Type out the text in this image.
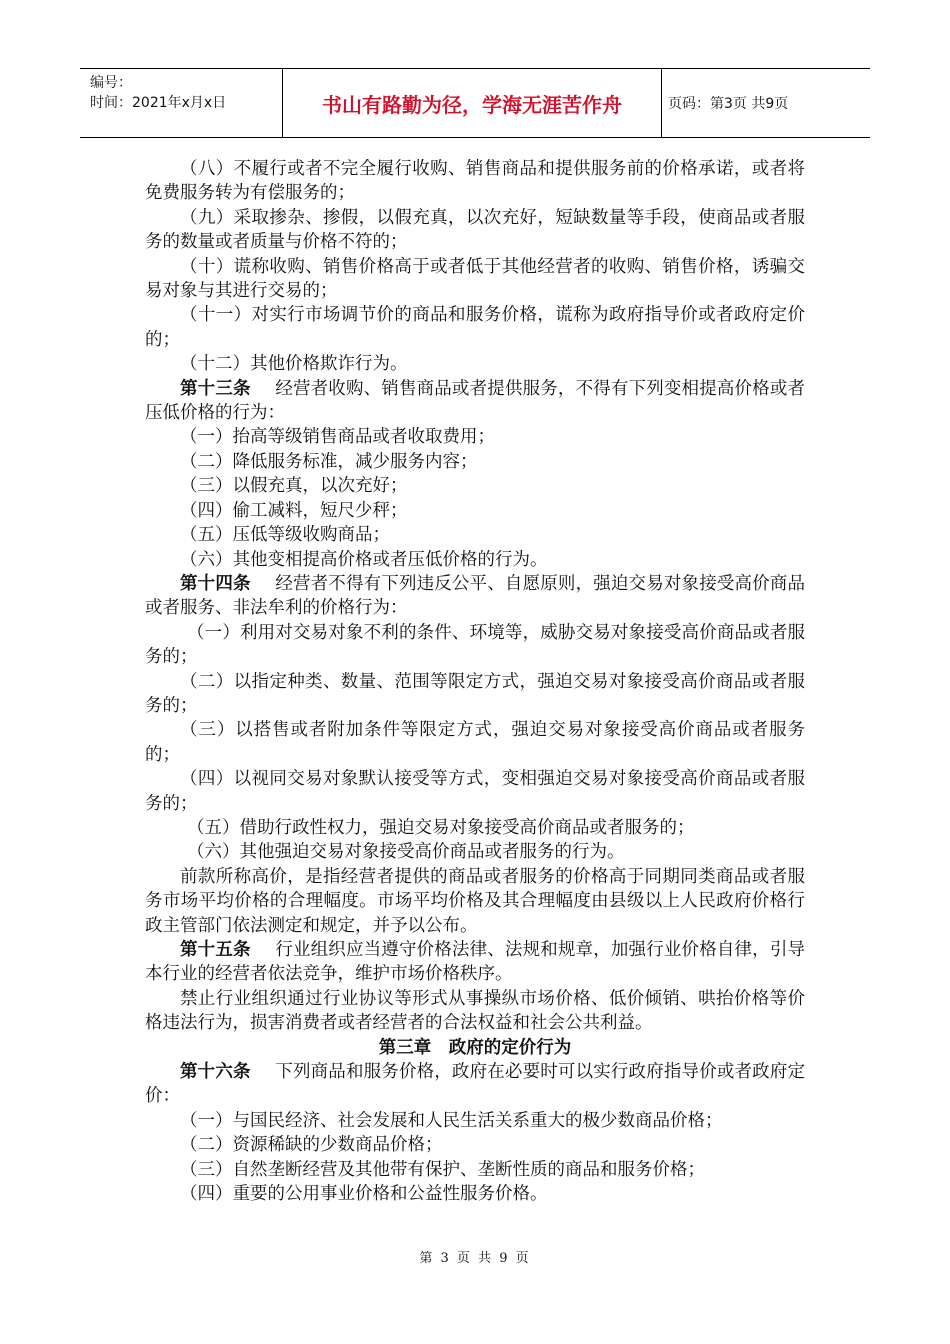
编号：
时间：2021年x月x日	书山有路勤为径，学海无涯苦作舟	页码：第3页 共9页

（八）不履行或者不完全履行收购、销售商品和提供服务前的价格承诺，或者将免费服务转为有偿服务的；

（九）采取掺杂、掺假，以假充真，以次充好，短缺数量等手段，使商品或者服务的数量或者质量与价格不符的；

（十）谎称收购、销售价格高于或者低于其他经营者的收购、销售价格，诱骗交易对象与其进行交易的；

（十一）对实行市场调节价的商品和服务价格，谎称为政府指导价或者政府定价的；

（十二）其他价格欺诈行为。

第十三条 经营者收购、销售商品或者提供服务，不得有下列变相提高价格或者压低价格的行为：

（一）抬高等级销售商品或者收取费用；

（二）降低服务标准，减少服务内容；

（三）以假充真，以次充好；

（四）偷工减料，短尺少秤；

（五）压低等级收购商品；

（六）其他变相提高价格或者压低价格的行为。

第十四条 经营者不得有下列违反公平、自愿原则，强迫交易对象接受高价商品或者服务、非法牟利的价格行为：

（一）利用对交易对象不利的条件、环境等，威胁交易对象接受高价商品或者服务的；

（二）以指定种类、数量、范围等限定方式，强迫交易对象接受高价商品或者服务的；

（三）以搭售或者附加条件等限定方式，强迫交易对象接受高价商品或者服务的；

（四）以视同交易对象默认接受等方式，变相强迫交易对象接受高价商品或者服务的；

（五）借助行政性权力，强迫交易对象接受高价商品或者服务的；

（六）其他强迫交易对象接受高价商品或者服务的行为。

前款所称高价，是指经营者提供的商品或者服务的价格高于同期同类商品或者服务市场平均价格的合理幅度。市场平均价格及其合理幅度由县级以上人民政府价格行政主管部门依法测定和规定，并予以公布。

第十五条 行业组织应当遵守价格法律、法规和规章，加强行业价格自律，引导本行业的经营者依法竞争，维护市场价格秩序。

禁止行业组织通过行业协议等形式从事操纵市场价格、低价倾销、哄抬价格等价格违法行为，损害消费者或者经营者的合法权益和社会公共利益。

第三章　政府的定价行为

第十六条 下列商品和服务价格，政府在必要时可以实行政府指导价或者政府定价：

（一）与国民经济、社会发展和人民生活关系重大的极少数商品价格；

（二）资源稀缺的少数商品价格；

（三）自然垄断经营及其他带有保护、垄断性质的商品和服务价格；

（四）重要的公用事业价格和公益性服务价格。

第 3 页 共 9 页
